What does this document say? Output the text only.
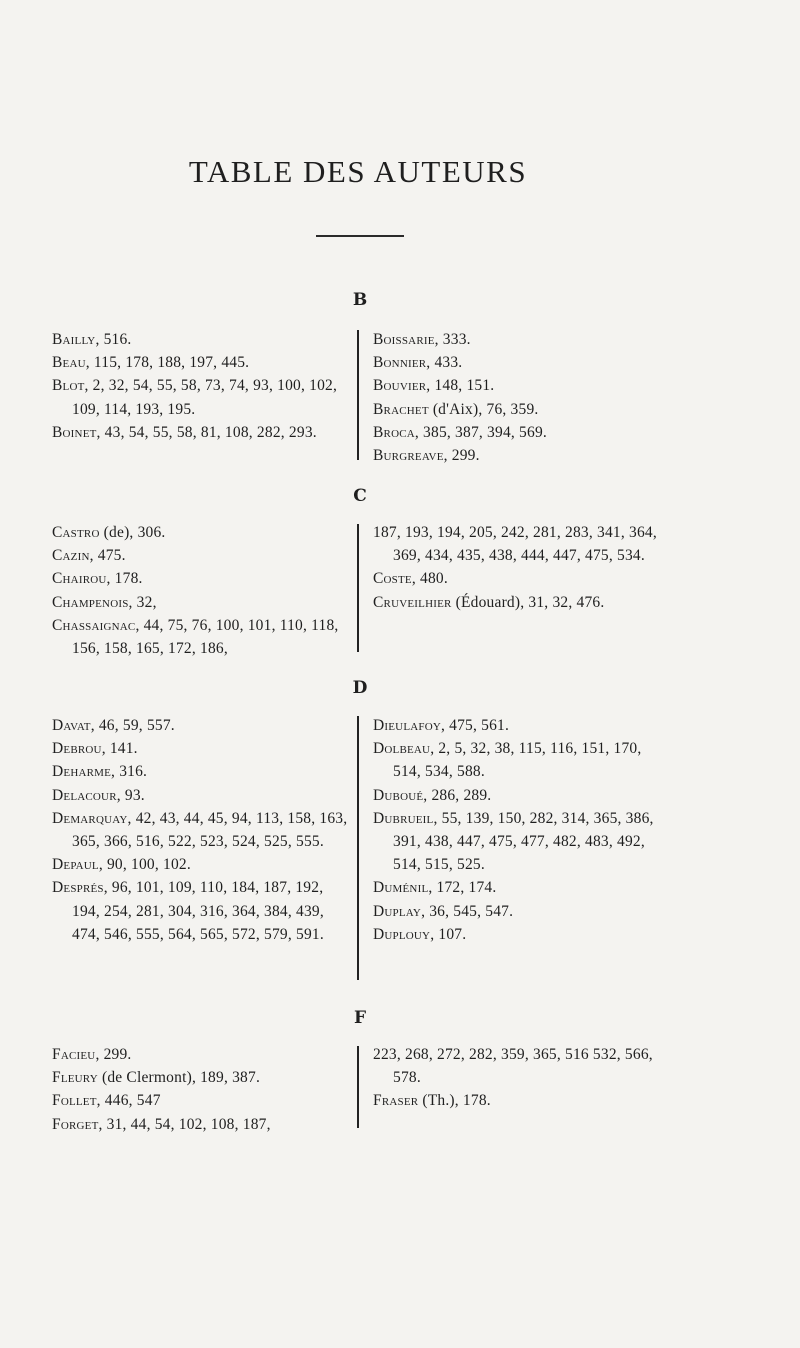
TABLE DES AUTEURS
B

Bailly, 516.

Beau, 115, 178, 188, 197, 445.

Blot, 2, 32, 54, 55, 58, 73, 74, 93, 100, 102, 109, 114, 193, 195.

Boinet, 43, 54, 55, 58, 81, 108, 282, 293.

Boissarie, 333.

Bonnier, 433.

Bouvier, 148, 151.

Brachet (d'Aix), 76, 359.

Broca, 385, 387, 394, 569.

Burgreave, 299.

C

Castro (de), 306.

Cazin, 475.

Chairou, 178.

Champenois, 32,

Chassaignac, 44, 75, 76, 100, 101, 110, 118, 156, 158, 165, 172, 186,

187, 193, 194, 205, 242, 281, 283, 341, 364, 369, 434, 435, 438, 444, 447, 475, 534.

Coste, 480.

Cruveilhier (Édouard), 31, 32, 476.

D

Davat, 46, 59, 557.

Debrou, 141.

Deharme, 316.

Delacour, 93.

Demarquay, 42, 43, 44, 45, 94, 113, 158, 163, 365, 366, 516, 522, 523, 524, 525, 555.

Depaul, 90, 100, 102.

Després, 96, 101, 109, 110, 184, 187, 192, 194, 254, 281, 304, 316, 364, 384, 439, 474, 546, 555, 564, 565, 572, 579, 591.

Dieulafoy, 475, 561.

Dolbeau, 2, 5, 32, 38, 115, 116, 151, 170, 514, 534, 588.

Duboué, 286, 289.

Dubrueil, 55, 139, 150, 282, 314, 365, 386, 391, 438, 447, 475, 477, 482, 483, 492, 514, 515, 525.

Duménil, 172, 174.

Duplay, 36, 545, 547.

Duplouy, 107.

F

Facieu, 299.

Fleury (de Clermont), 189, 387.

Follet, 446, 547

Forget, 31, 44, 54, 102, 108, 187,

223, 268, 272, 282, 359, 365, 516 532, 566, 578.

Fraser (Th.), 178.
